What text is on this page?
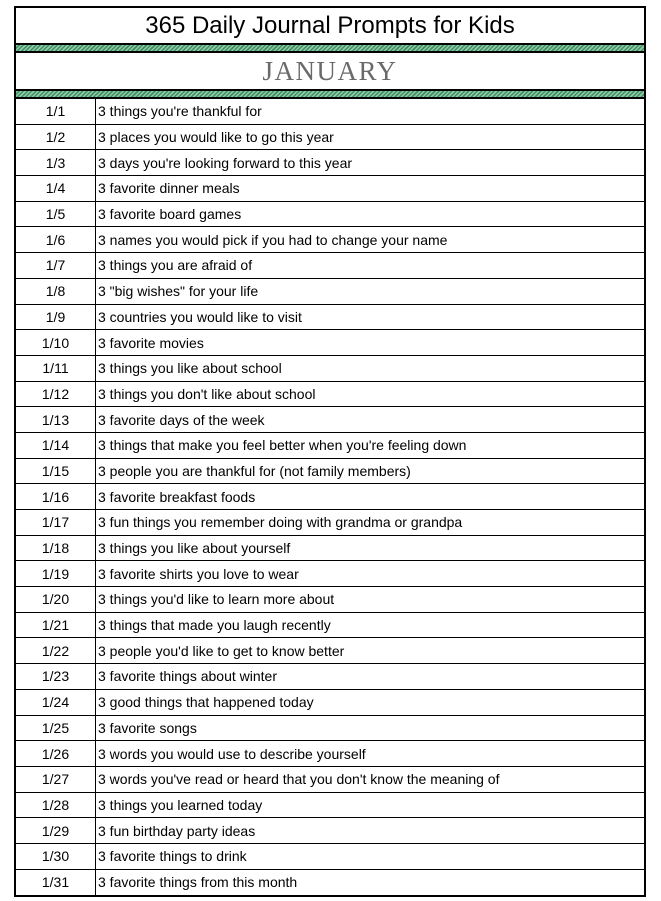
365 Daily Journal Prompts for Kids
JANUARY
1/1	3 things you're thankful for
1/2	3 places you would like to go this year
1/3	3 days you're looking forward to this year
1/4	3 favorite dinner meals
1/5	3 favorite board games
1/6	3 names you would pick if you had to change your name
1/7	3 things you are afraid of
1/8	3 "big wishes" for your life
1/9	3 countries you would like to visit
1/10	3 favorite movies
1/11	3 things you like about school
1/12	3 things you don't like about school
1/13	3 favorite days of the week
1/14	3 things that make you feel better when you're feeling down
1/15	3 people you are thankful for (not family members)
1/16	3 favorite breakfast foods
1/17	3 fun things you remember doing with grandma or grandpa
1/18	3 things you like about yourself
1/19	3 favorite shirts you love to wear
1/20	3 things you'd like to learn more about
1/21	3 things that made you laugh recently
1/22	3 people you'd like to get to know better
1/23	3 favorite things about winter
1/24	3 good things that happened today
1/25	3 favorite songs
1/26	3 words you would use to describe yourself
1/27	3 words you've read or heard that you don't know the meaning of
1/28	3 things you learned today
1/29	3 fun birthday party ideas
1/30	3 favorite things to drink
1/31	3 favorite things from this month
